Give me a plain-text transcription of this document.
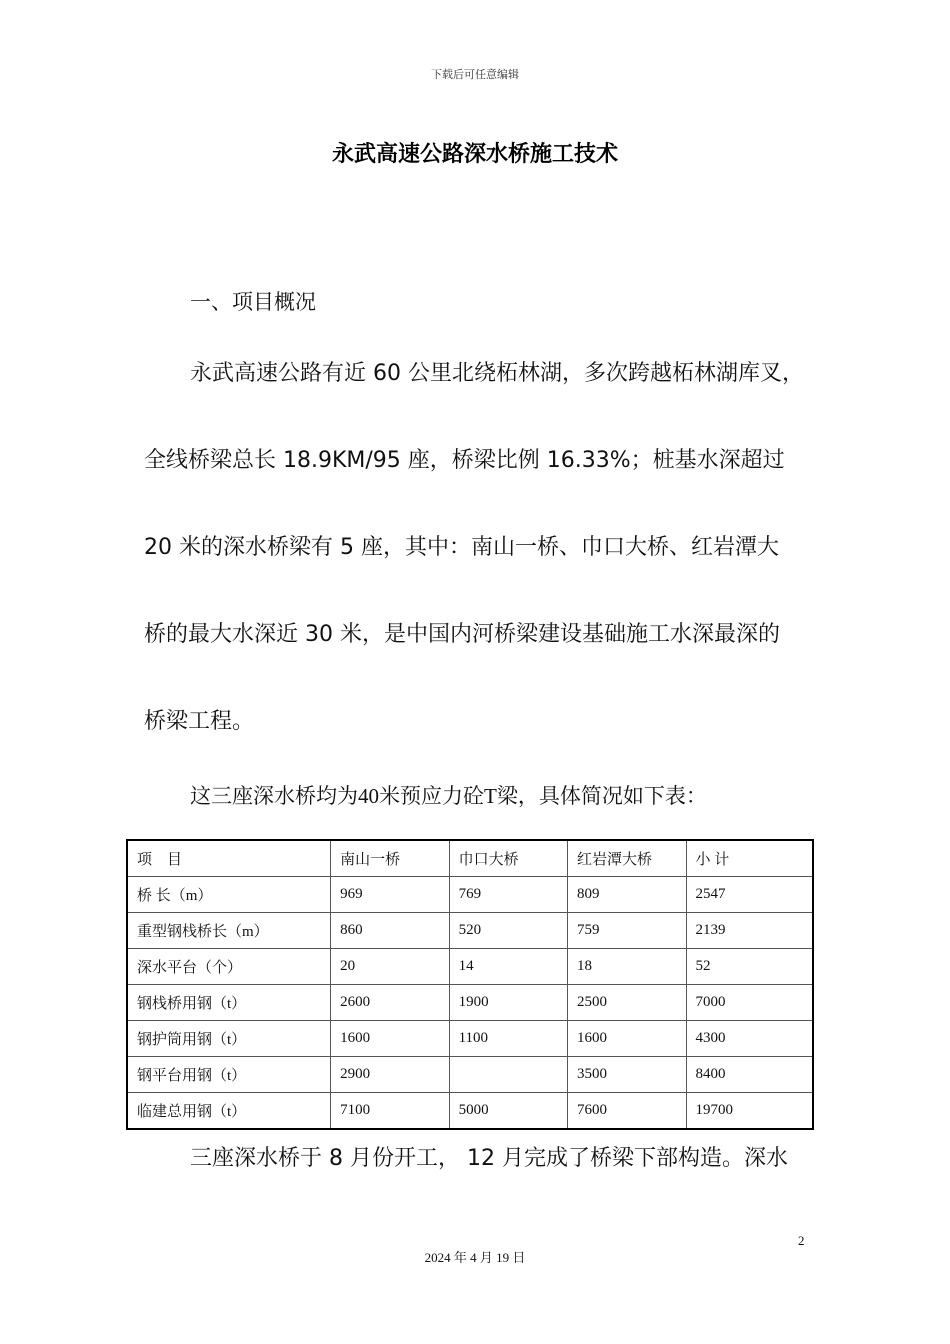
下载后可任意编辑
永武高速公路深水桥施工技术
一、项目概况
永武高速公路有近 60 公里北绕柘林湖，多次跨越柘林湖库叉，
全线桥梁总长 18.9KM/95 座，桥梁比例 16.33%；桩基水深超过
20 米的深水桥梁有 5 座，其中：南山一桥、巾口大桥、红岩潭大
桥的最大水深近 30 米，是中国内河桥梁建设基础施工水深最深的
桥梁工程。
这三座深水桥均为40米预应力砼T梁，具体简况如下表：
项　目	南山一桥	巾口大桥	红岩潭大桥	小 计
桥 长（m）	969	769	809	2547
重型钢栈桥长（m）	860	520	759	2139
深水平台（个）	20	14	18	52
钢栈桥用钢（t）	2600	1900	2500	7000
钢护筒用钢（t）	1600	1100	1600	4300
钢平台用钢（t）	2900		3500	8400
临建总用钢（t）	7100	5000	7600	19700
三座深水桥于 8 月份开工， 12 月完成了桥梁下部构造。深水
2
2024 年 4 月 19 日
